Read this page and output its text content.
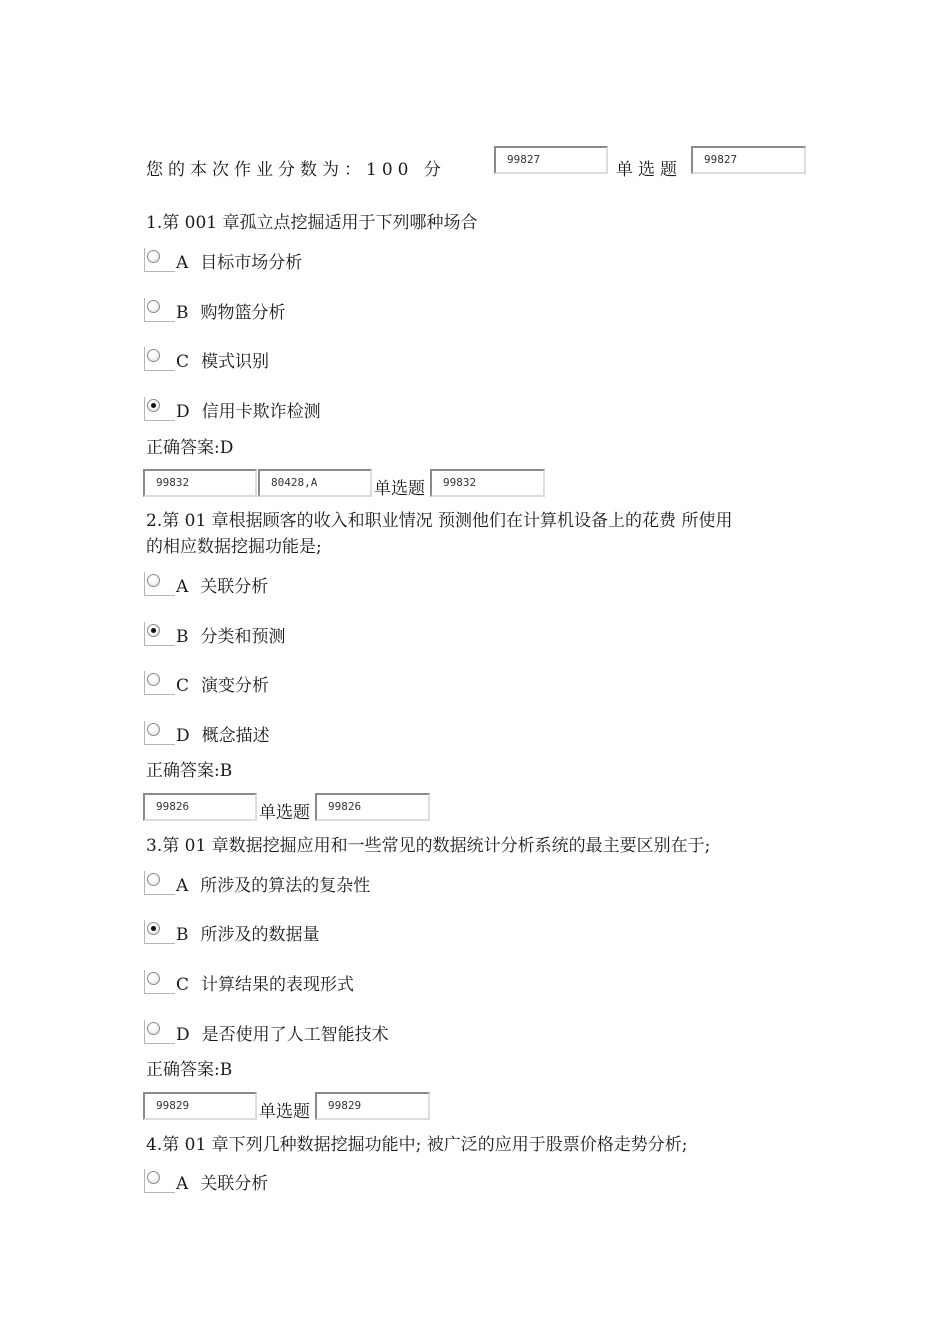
您的本次作业分数为：100 分
99827
单选题
99827
1.第 001 章孤立点挖掘适用于下列哪种场合
A 目标市场分析
B 购物篮分析
C 模式识别
D 信用卡欺诈检测
正确答案:D
99832	80428,A	单选题	99832
2.第 01 章根据顾客的收入和职业情况 预测他们在计算机设备上的花费 所使用
的相应数据挖掘功能是;
A 关联分析
B 分类和预测
C 演变分析
D 概念描述
正确答案:B
99826	单选题	99826
3.第 01 章数据挖掘应用和一些常见的数据统计分析系统的最主要区别在于;
A 所涉及的算法的复杂性
B 所涉及的数据量
C 计算结果的表现形式
D 是否使用了人工智能技术
正确答案:B
99829	单选题	99829
4.第 01 章下列几种数据挖掘功能中; 被广泛的应用于股票价格走势分析;
A 关联分析
